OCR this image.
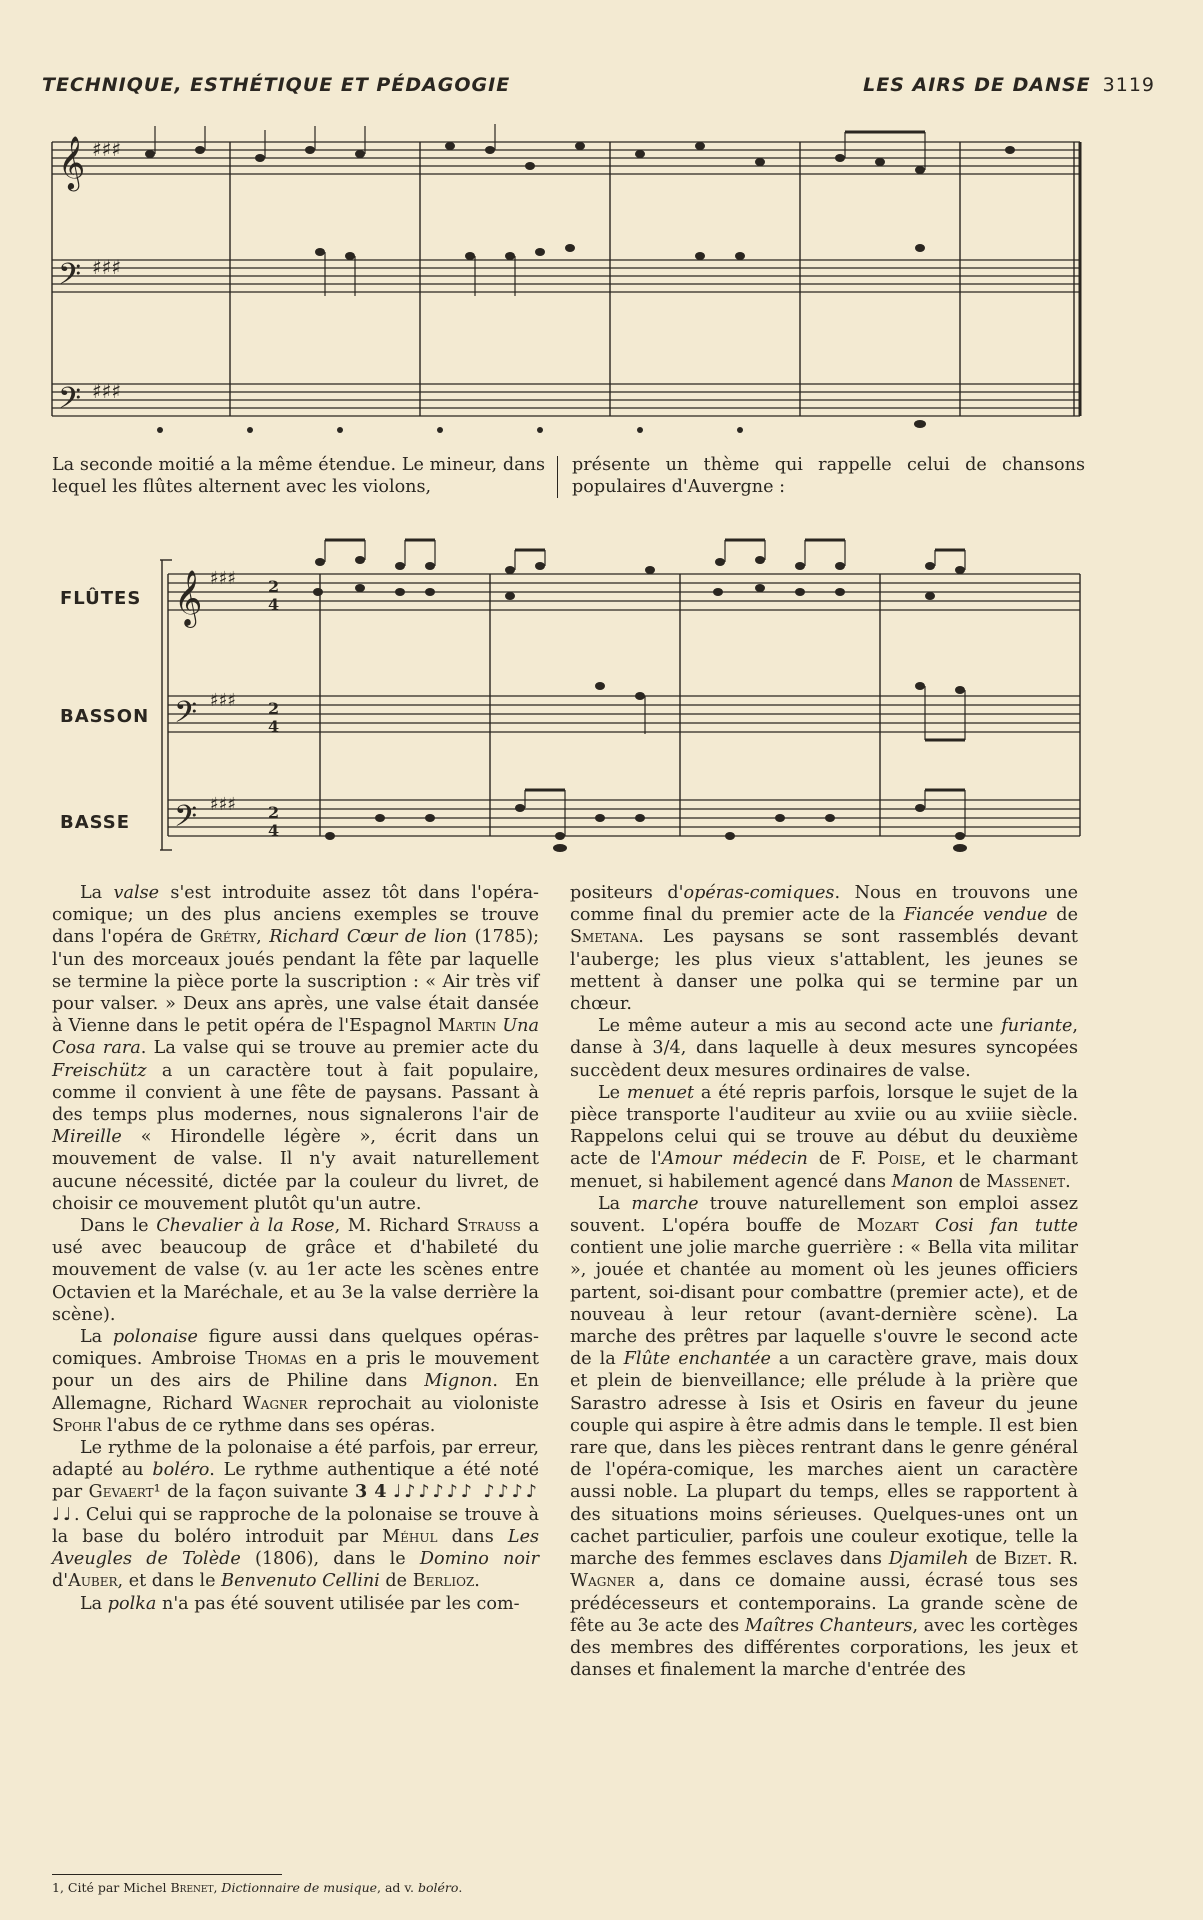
TECHNIQUE, ESTHÉTIQUE ET PÉDAGOGIE	LES AIRS DE DANSE 3119
𝄞
𝄢
𝄢
♯♯♯
♯♯♯
♯♯♯

La seconde moitié a la même étendue. Le mineur, dans lequel les flûtes alternent avec les violons,

présente un thème qui rappelle celui de chansons populaires d'Auvergne :

FLÛTES
BASSON
BASSE
𝄞
𝄢
𝄢
♯♯♯
♯♯♯
♯♯♯
2
4
2
4
2
4

La valse s'est introduite assez tôt dans l'opéra-comique; un des plus anciens exemples se trouve dans l'opéra de Grétry, Richard Cœur de lion (1785); l'un des morceaux joués pendant la fête par laquelle se termine la pièce porte la suscription : « Air très vif pour valser. » Deux ans après, une valse était dansée à Vienne dans le petit opéra de l'Espagnol Martin Una Cosa rara. La valse qui se trouve au premier acte du Freischütz a un caractère tout à fait populaire, comme il convient à une fête de paysans. Passant à des temps plus modernes, nous signalerons l'air de Mireille « Hirondelle légère », écrit dans un mouvement de valse. Il n'y avait naturellement aucune nécessité, dictée par la couleur du livret, de choisir ce mouvement plutôt qu'un autre.

Dans le Chevalier à la Rose, M. Richard Strauss a usé avec beaucoup de grâce et d'habileté du mouvement de valse (v. au 1er acte les scènes entre Octavien et la Maréchale, et au 3e la valse derrière la scène).

La polonaise figure aussi dans quelques opéras-comiques. Ambroise Thomas en a pris le mouvement pour un des airs de Philine dans Mignon. En Allemagne, Richard Wagner reprochait au violoniste Spohr l'abus de ce rythme dans ses opéras.

Le rythme de la polonaise a été parfois, par erreur, adapté au boléro. Le rythme authentique a été noté par Gevaert¹ de la façon suivante 3 4 ♩♪♪♪♪♪ ♪♪♪♪ ♩♩. Celui qui se rapproche de la polonaise se trouve à la base du boléro introduit par Méhul dans Les Aveugles de Tolède (1806), dans le Domino noir d'Auber, et dans le Benvenuto Cellini de Berlioz.

La polka n'a pas été souvent utilisée par les com-

1, Cité par Michel Brenet, Dictionnaire de musique, ad v. boléro.

positeurs d'opéras-comiques. Nous en trouvons une comme final du premier acte de la Fiancée vendue de Smetana. Les paysans se sont rassemblés devant l'auberge; les plus vieux s'attablent, les jeunes se mettent à danser une polka qui se termine par un chœur.

Le même auteur a mis au second acte une furiante, danse à 3/4, dans laquelle à deux mesures syncopées succèdent deux mesures ordinaires de valse.

Le menuet a été repris parfois, lorsque le sujet de la pièce transporte l'auditeur au xviie ou au xviiie siècle. Rappelons celui qui se trouve au début du deuxième acte de l'Amour médecin de F. Poise, et le charmant menuet, si habilement agencé dans Manon de Massenet.

La marche trouve naturellement son emploi assez souvent. L'opéra bouffe de Mozart Cosi fan tutte contient une jolie marche guerrière : « Bella vita militar », jouée et chantée au moment où les jeunes officiers partent, soi-disant pour combattre (premier acte), et de nouveau à leur retour (avant-dernière scène). La marche des prêtres par laquelle s'ouvre le second acte de la Flûte enchantée a un caractère grave, mais doux et plein de bienveillance; elle prélude à la prière que Sarastro adresse à Isis et Osiris en faveur du jeune couple qui aspire à être admis dans le temple. Il est bien rare que, dans les pièces rentrant dans le genre général de l'opéra-comique, les marches aient un caractère aussi noble. La plupart du temps, elles se rapportent à des situations moins sérieuses. Quelques-unes ont un cachet particulier, parfois une couleur exotique, telle la marche des femmes esclaves dans Djamileh de Bizet. R. Wagner a, dans ce domaine aussi, écrasé tous ses prédécesseurs et contemporains. La grande scène de fête au 3e acte des Maîtres Chanteurs, avec les cortèges des membres des différentes corporations, les jeux et danses et finalement la marche d'entrée des
